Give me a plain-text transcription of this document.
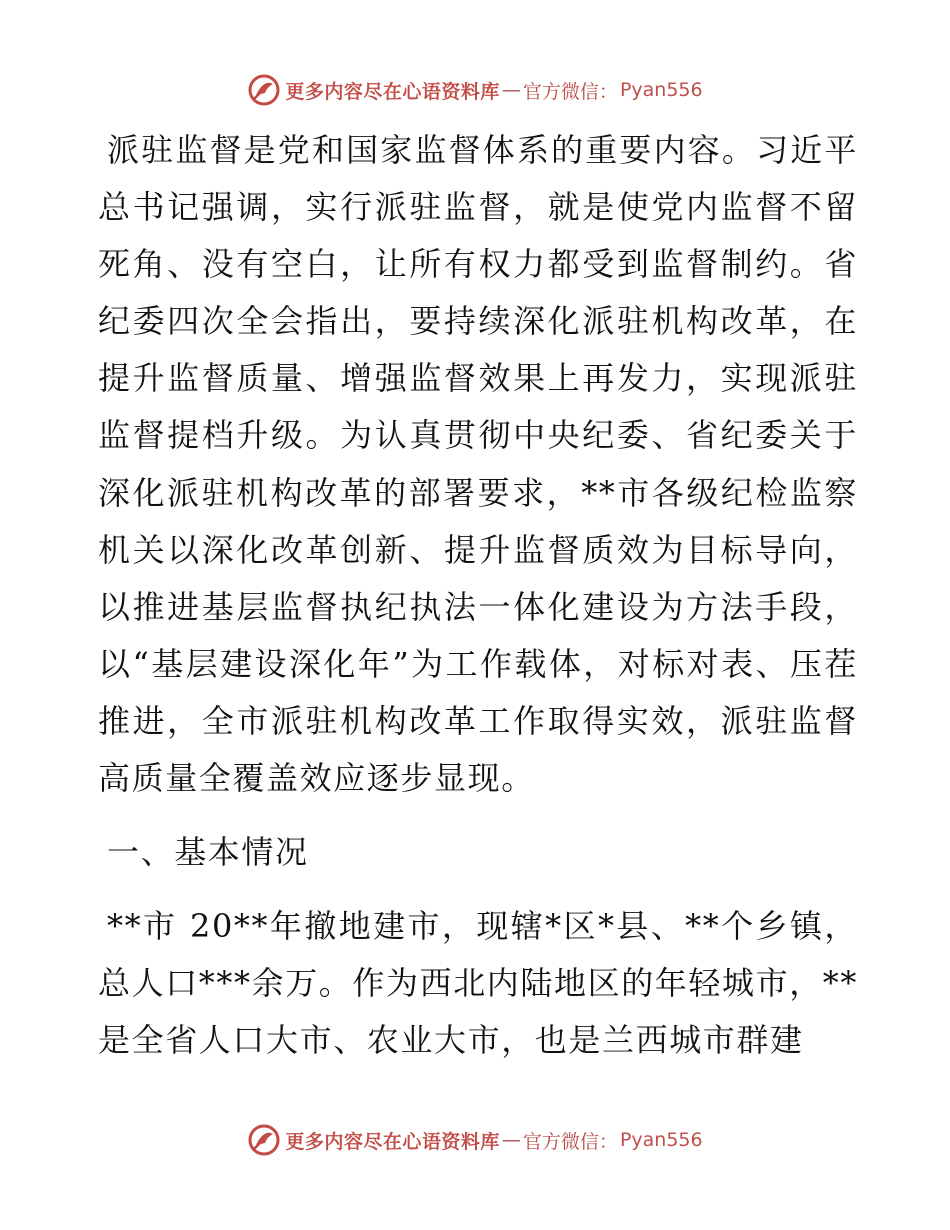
更多内容尽在心语资料库 — 官方微信： Pyan556

派驻监督是党和国家监督体系的重要内容。习近平总书记强调，实行派驻监督，就是使党内监督不留死角、没有空白，让所有权力都受到监督制约。省纪委四次全会指出，要持续深化派驻机构改革，在提升监督质量、增强监督效果上再发力，实现派驻监督提档升级。为认真贯彻中央纪委、省纪委关于深化派驻机构改革的部署要求，**市各级纪检监察机关以深化改革创新、提升监督质效为目标导向，以推进基层监督执纪执法一体化建设为方法手段，以“基层建设深化年”为工作载体，对标对表、压茬推进，全市派驻机构改革工作取得实效，派驻监督高质量全覆盖效应逐步显现。

一、基本情况

**市 20**年撤地建市，现辖*区*县、**个乡镇，总人口***余万。作为西北内陆地区的年轻城市，**是全省人口大市、农业大市，也是兰西城市群建

更多内容尽在心语资料库 — 官方微信： Pyan556
